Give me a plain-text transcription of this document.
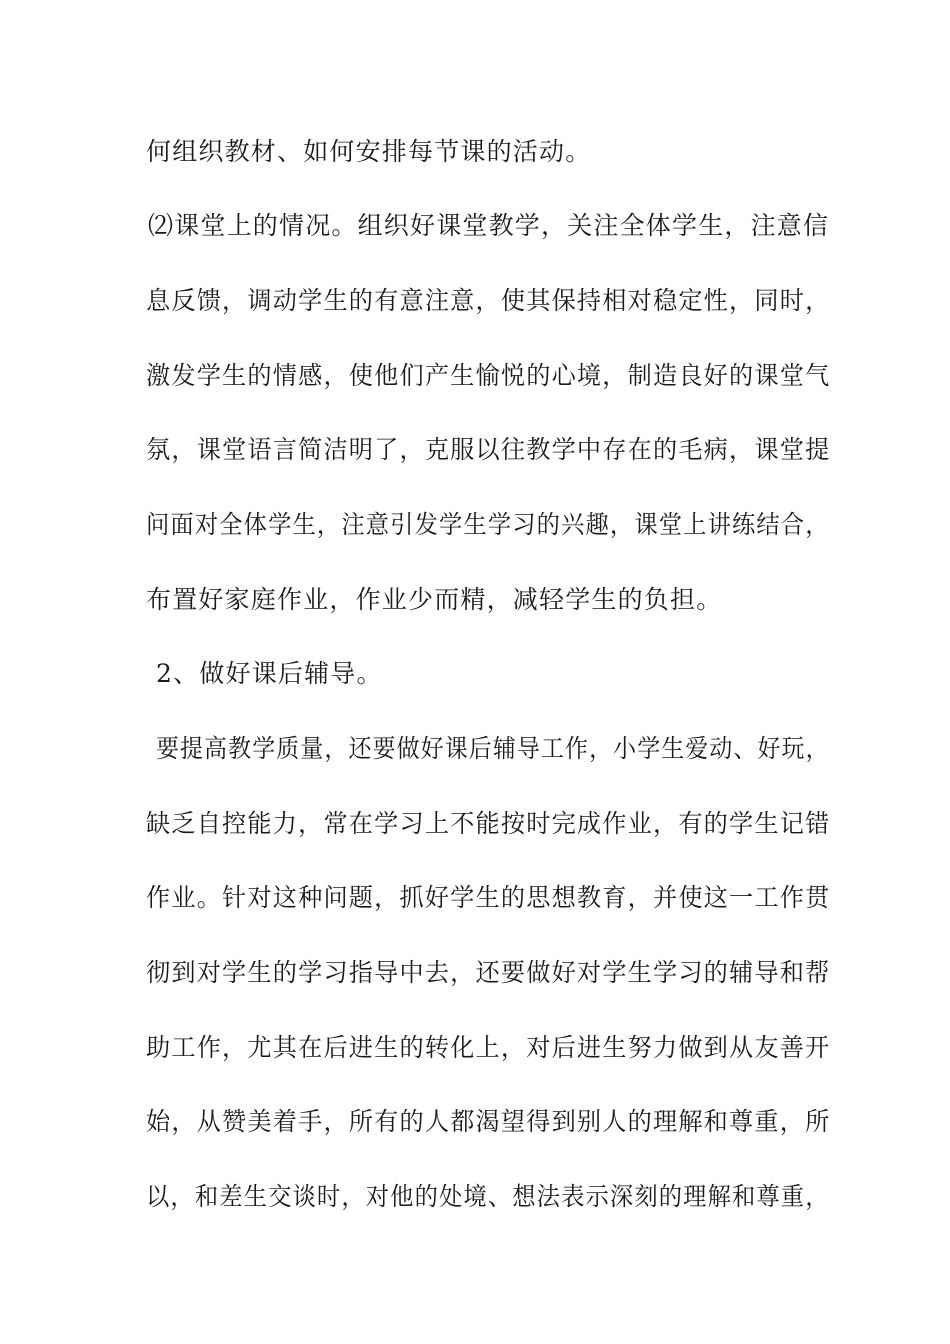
何组织教材、如何安排每节课的活动。
⑵课堂上的情况。组织好课堂教学，关注全体学生，注意信
息反馈，调动学生的有意注意，使其保持相对稳定性，同时，
激发学生的情感，使他们产生愉悦的心境，制造良好的课堂气
氛，课堂语言简洁明了，克服以往教学中存在的毛病，课堂提
问面对全体学生，注意引发学生学习的兴趣，课堂上讲练结合，
布置好家庭作业，作业少而精，减轻学生的负担。
2、做好课后辅导。
要提高教学质量，还要做好课后辅导工作，小学生爱动、好玩，
缺乏自控能力，常在学习上不能按时完成作业，有的学生记错
作业。针对这种问题，抓好学生的思想教育，并使这一工作贯
彻到对学生的学习指导中去，还要做好对学生学习的辅导和帮
助工作，尤其在后进生的转化上，对后进生努力做到从友善开
始，从赞美着手，所有的人都渴望得到别人的理解和尊重，所
以，和差生交谈时，对他的处境、想法表示深刻的理解和尊重，
